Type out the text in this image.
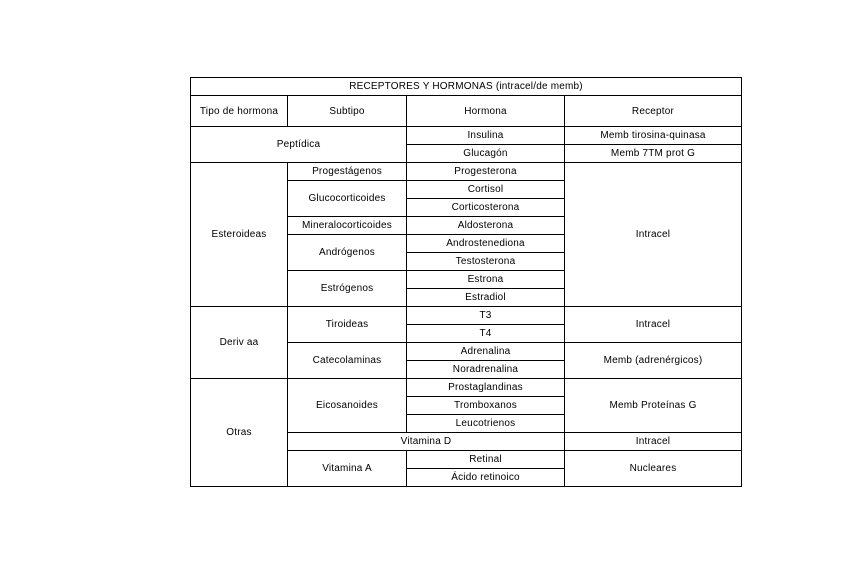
RECEPTORES Y HORMONAS (intracel/de memb)			
Tipo de hormona	Subtipo	Hormona	Receptor
Peptídica		Insulina	Memb tirosina-quinasa
		Glucagón	Memb 7TM prot G
Esteroideas	Progestágenos	Progesterona	Intracel
	Glucocorticoides	Cortisol	
		Corticosterona	
	Mineralocorticoides	Aldosterona	
	Andrógenos	Androstenediona	
		Testosterona	
	Estrógenos	Estrona	
		Estradiol	
Deriv aa	Tiroideas	T3	Intracel
		T4	
	Catecolaminas	Adrenalina	Memb (adrenérgicos)
		Noradrenalina	
Otras	Eicosanoides	Prostaglandinas	Memb Proteínas G
		Tromboxanos	
		Leucotrienos	
	Vitamina D		Intracel
	Vitamina A	Retinal	Nucleares
		Ácido retinoico	
